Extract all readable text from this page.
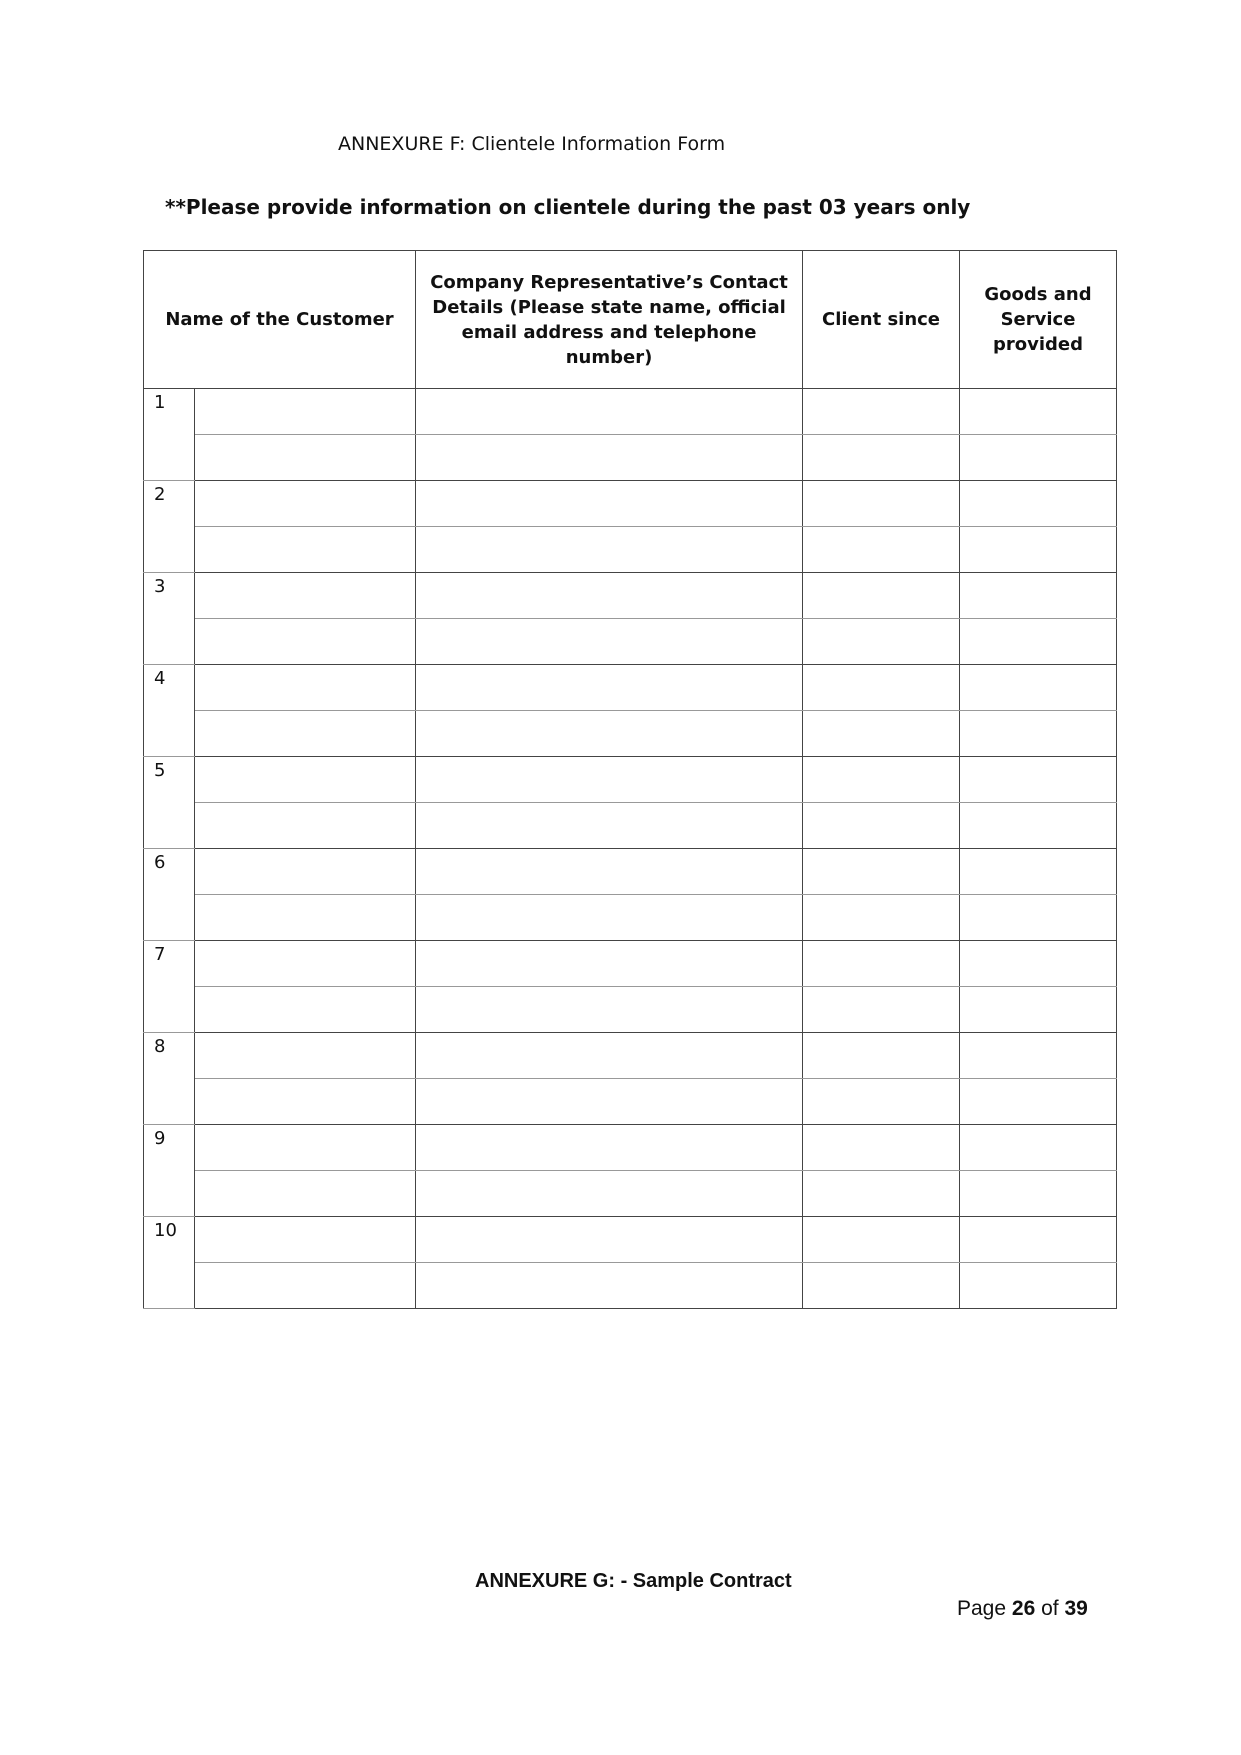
ANNEXURE F: Clientele Information Form

**Please provide information on clientele during the past 03 years only

Name of the Customer		Company Representative’s Contact Details (Please state name, official email address and telephone number)	Client since	Goods and Service provided
1				

2				

3				

4				

5				

6				

7				

8				

9				

10				

ANNEXURE G: - Sample Contract

Page 26 of 39
